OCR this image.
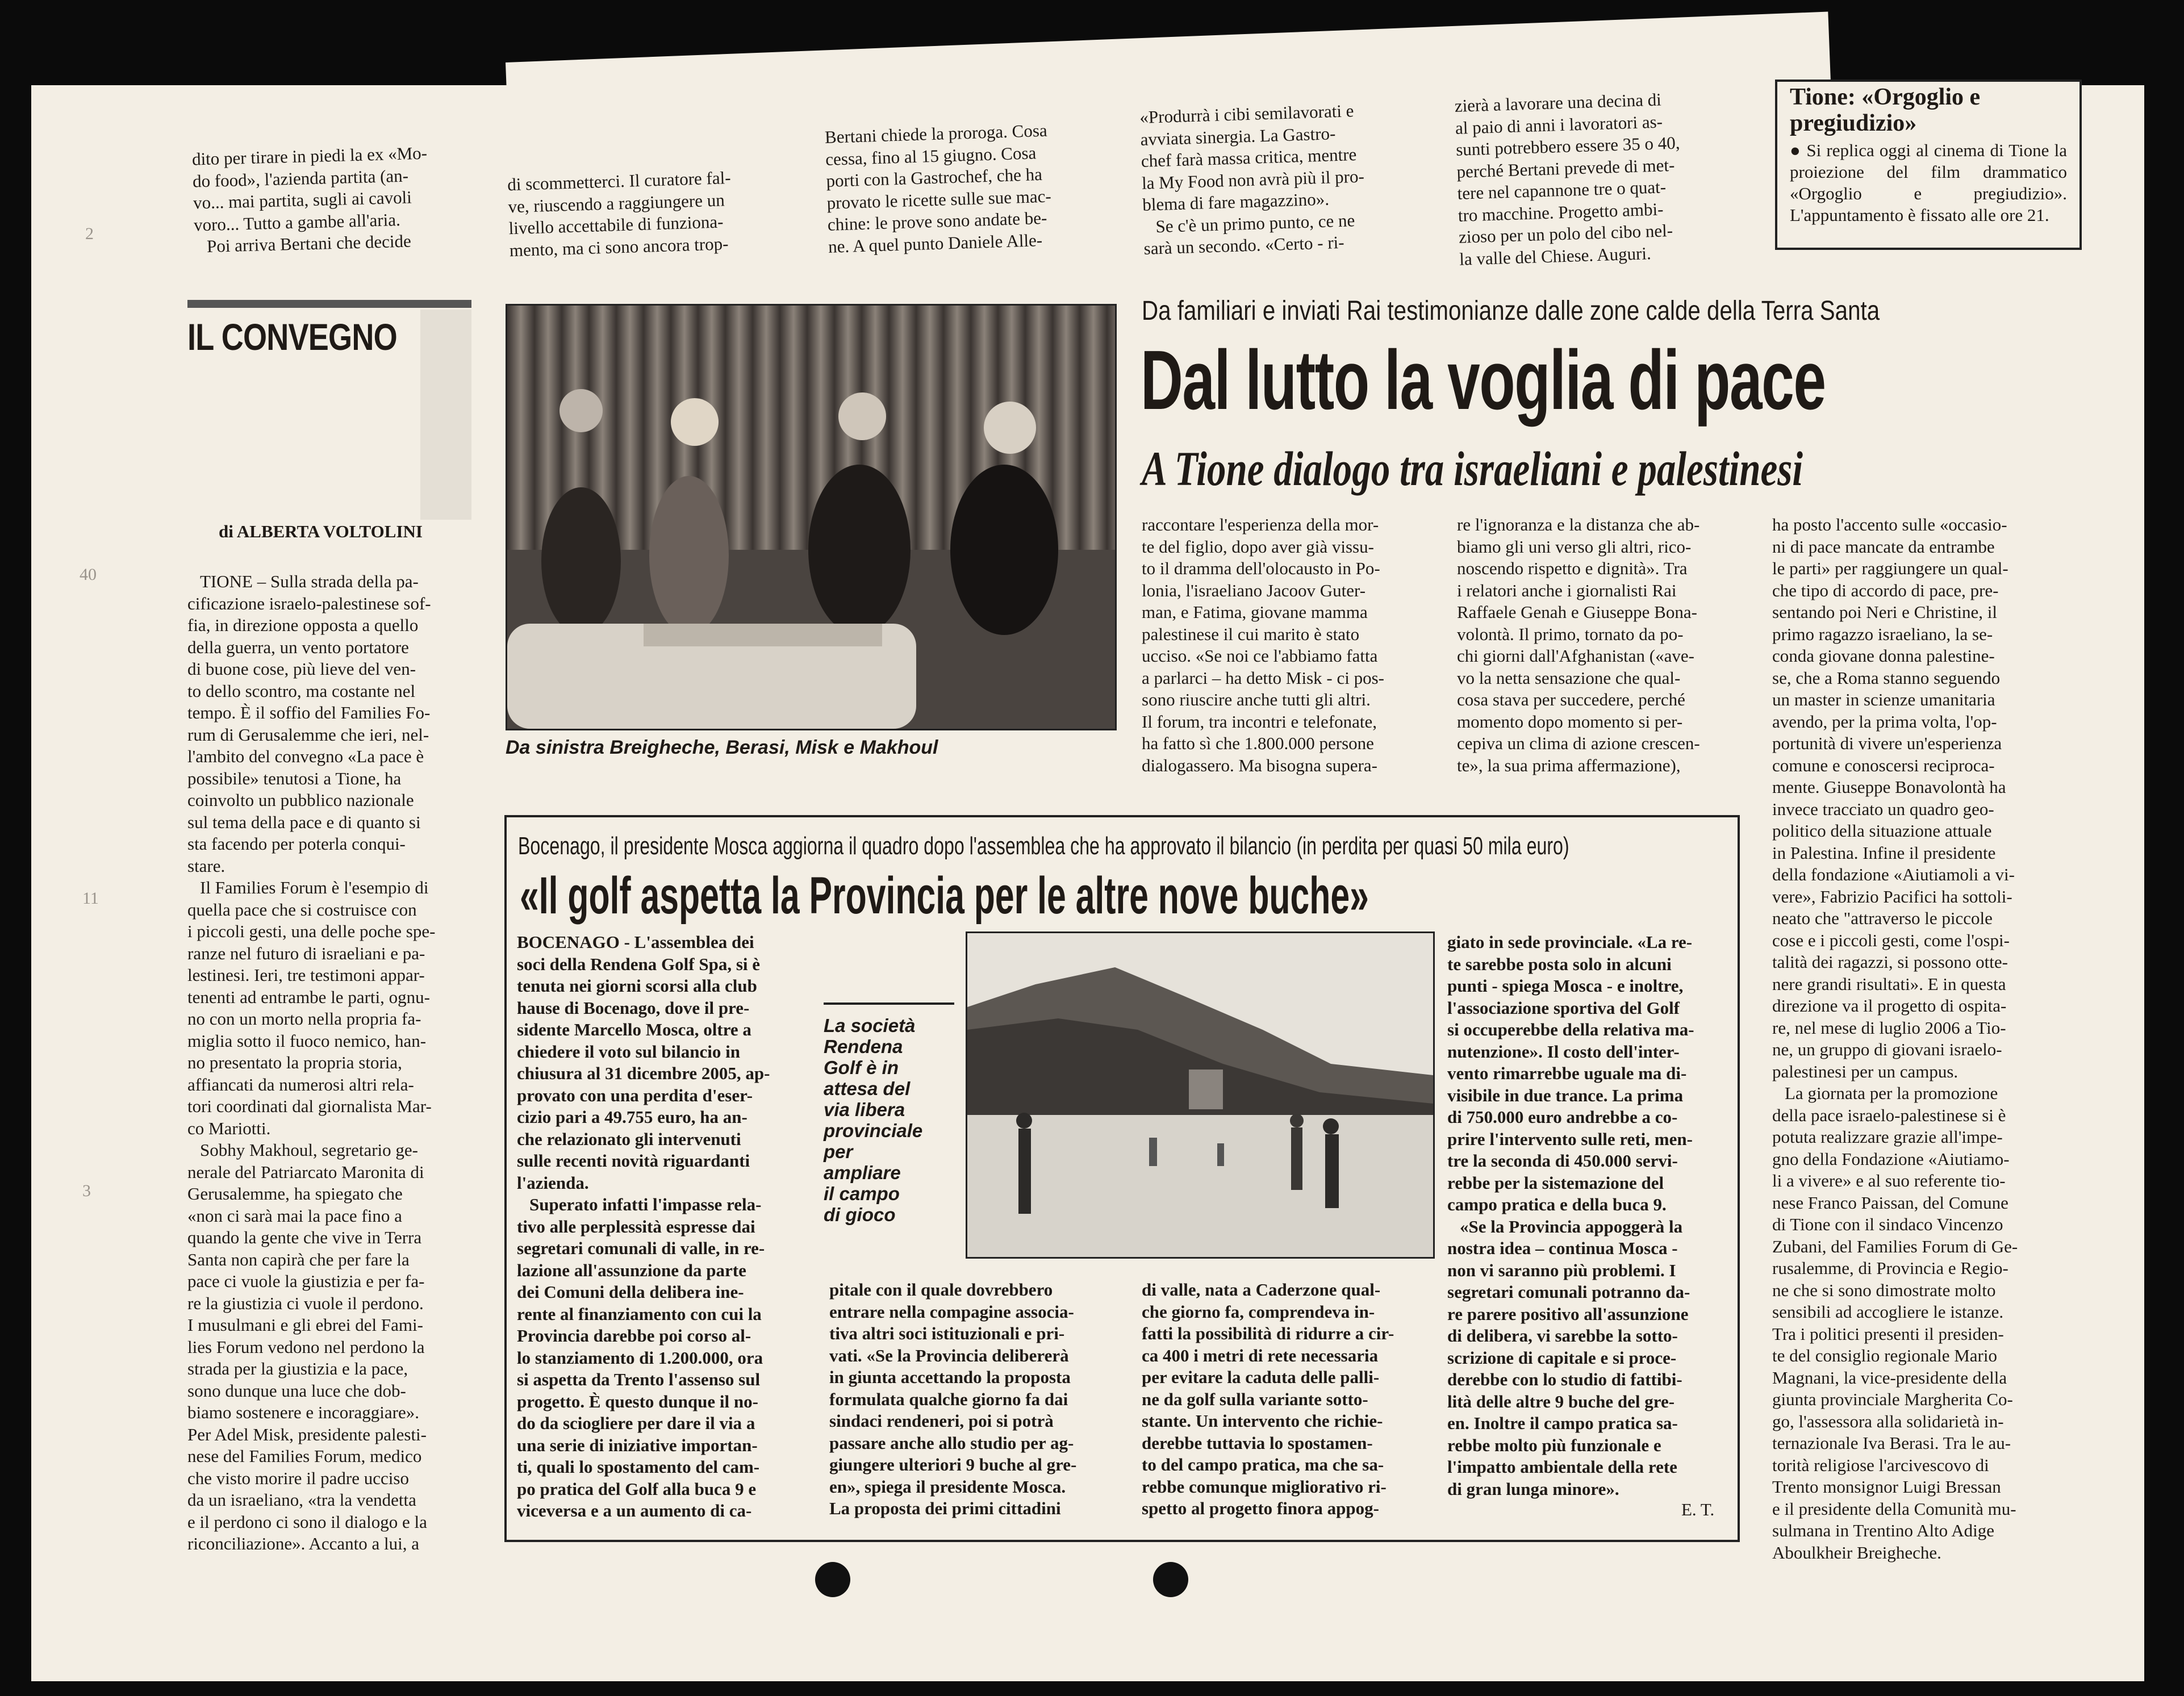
2
40
11
3
dito per tirare in piedi la ex «Mo-
do food», l'azienda partita (an-
vo... mai partita, sugli ai cavoli
voro... Tutto a gambe all'aria.
Poi arriva Bertani che decide
di scommetterci. Il curatore fal-
ve, riuscendo a raggiungere un
livello accettabile di funziona-
mento, ma ci sono ancora trop-
Bertani chiede la proroga. Cosa
cessa, fino al 15 giugno. Cosa
porti con la Gastrochef, che ha
provato le ricette sulle sue mac-
chine: le prove sono andate be-
ne. A quel punto Daniele Alle-
«Produrrà i cibi semilavorati e
avviata sinergia. La Gastro-
chef farà massa critica, mentre
la My Food non avrà più il pro-
blema di fare magazzino».
Se c'è un primo punto, ce ne
sarà un secondo. «Certo - ri-
zierà a lavorare una decina di
al paio di anni i lavoratori as-
sunti potrebbero essere 35 o 40,
perché Bertani prevede di met-
tere nel capannone tre o quat-
tro macchine. Progetto ambi-
zioso per un polo del cibo nel-
la valle del Chiese. Auguri.
Tione: «Orgoglio e pregiudizio»
● Si replica oggi al cinema di Tione la proiezione del film drammatico «Orgoglio e pregiudizio». L'appuntamento è fissato alle ore 21.
IL CONVEGNO
Da sinistra Breigheche, Berasi, Misk e Makhoul
Da familiari e inviati Rai testimonianze dalle zone calde della Terra Santa
Dal lutto la voglia di pace
A Tione dialogo tra israeliani e palestinesi
di ALBERTA VOLTOLINI
TIONE – Sulla strada della pa-
cificazione israelo-palestinese sof-
fia, in direzione opposta a quello
della guerra, un vento portatore
di buone cose, più lieve del ven-
to dello scontro, ma costante nel
tempo. È il soffio del Families Fo-
rum di Gerusalemme che ieri, nel-
l'ambito del convegno «La pace è
possibile» tenutosi a Tione, ha
coinvolto un pubblico nazionale
sul tema della pace e di quanto si
sta facendo per poterla conqui-
stare.
Il Families Forum è l'esempio di
quella pace che si costruisce con
i piccoli gesti, una delle poche spe-
ranze nel futuro di israeliani e pa-
lestinesi. Ieri, tre testimoni appar-
tenenti ad entrambe le parti, ognu-
no con un morto nella propria fa-
miglia sotto il fuoco nemico, han-
no presentato la propria storia,
affiancati da numerosi altri rela-
tori coordinati dal giornalista Mar-
co Mariotti.
Sobhy Makhoul, segretario ge-
nerale del Patriarcato Maronita di
Gerusalemme, ha spiegato che
«non ci sarà mai la pace fino a
quando la gente che vive in Terra
Santa non capirà che per fare la
pace ci vuole la giustizia e per fa-
re la giustizia ci vuole il perdono.
I musulmani e gli ebrei del Fami-
lies Forum vedono nel perdono la
strada per la giustizia e la pace,
sono dunque una luce che dob-
biamo sostenere e incoraggiare».
Per Adel Misk, presidente palesti-
nese del Families Forum, medico
che visto morire il padre ucciso
da un israeliano, «tra la vendetta
e il perdono ci sono il dialogo e la
riconciliazione». Accanto a lui, a
raccontare l'esperienza della mor-
te del figlio, dopo aver già vissu-
to il dramma dell'olocausto in Po-
lonia, l'israeliano Jacoov Guter-
man, e Fatima, giovane mamma
palestinese il cui marito è stato
ucciso. «Se noi ce l'abbiamo fatta
a parlarci – ha detto Misk - ci pos-
sono riuscire anche tutti gli altri.
Il forum, tra incontri e telefonate,
ha fatto sì che 1.800.000 persone
dialogassero. Ma bisogna supera-
re l'ignoranza e la distanza che ab-
biamo gli uni verso gli altri, rico-
noscendo rispetto e dignità». Tra
i relatori anche i giornalisti Rai
Raffaele Genah e Giuseppe Bona-
volontà. Il primo, tornato da po-
chi giorni dall'Afghanistan («ave-
vo la netta sensazione che qual-
cosa stava per succedere, perché
momento dopo momento si per-
cepiva un clima di azione crescen-
te», la sua prima affermazione),
ha posto l'accento sulle «occasio-
ni di pace mancate da entrambe
le parti» per raggiungere un qual-
che tipo di accordo di pace, pre-
sentando poi Neri e Christine, il
primo ragazzo israeliano, la se-
conda giovane donna palestine-
se, che a Roma stanno seguendo
un master in scienze umanitaria
avendo, per la prima volta, l'op-
portunità di vivere un'esperienza
comune e conoscersi reciproca-
mente. Giuseppe Bonavolontà ha
invece tracciato un quadro geo-
politico della situazione attuale
in Palestina. Infine il presidente
della fondazione «Aiutiamoli a vi-
vere», Fabrizio Pacifici ha sottoli-
neato che "attraverso le piccole
cose e i piccoli gesti, come l'ospi-
talità dei ragazzi, si possono otte-
nere grandi risultati». E in questa
direzione va il progetto di ospita-
re, nel mese di luglio 2006 a Tio-
ne, un gruppo di giovani israelo-
palestinesi per un campus.
La giornata per la promozione
della pace israelo-palestinese si è
potuta realizzare grazie all'impe-
gno della Fondazione «Aiutiamo-
li a vivere» e al suo referente tio-
nese Franco Paissan, del Comune
di Tione con il sindaco Vincenzo
Zubani, del Families Forum di Ge-
rusalemme, di Provincia e Regio-
ne che si sono dimostrate molto
sensibili ad accogliere le istanze.
Tra i politici presenti il presiden-
te del consiglio regionale Mario
Magnani, la vice-presidente della
giunta provinciale Margherita Co-
go, l'assessora alla solidarietà in-
ternazionale Iva Berasi. Tra le au-
torità religiose l'arcivescovo di
Trento monsignor Luigi Bressan
e il presidente della Comunità mu-
sulmana in Trentino Alto Adige
Aboulkheir Breigheche.
Bocenago, il presidente Mosca aggiorna il quadro dopo l'assemblea che ha approvato il bilancio (in perdita per quasi 50 mila euro)
«Il golf aspetta la Provincia per le altre nove buche»
BOCENAGO - L'assemblea dei
soci della Rendena Golf Spa, si è
tenuta nei giorni scorsi alla club
hause di Bocenago, dove il pre-
sidente Marcello Mosca, oltre a
chiedere il voto sul bilancio in
chiusura al 31 dicembre 2005, ap-
provato con una perdita d'eser-
cizio pari a 49.755 euro, ha an-
che relazionato gli intervenuti
sulle recenti novità riguardanti
l'azienda.
Superato infatti l'impasse rela-
tivo alle perplessità espresse dai
segretari comunali di valle, in re-
lazione all'assunzione da parte
dei Comuni della delibera ine-
rente al finanziamento con cui la
Provincia darebbe poi corso al-
lo stanziamento di 1.200.000, ora
si aspetta da Trento l'assenso sul
progetto. È questo dunque il no-
do da sciogliere per dare il via a
una serie di iniziative importan-
ti, quali lo spostamento del cam-
po pratica del Golf alla buca 9 e
viceversa e a un aumento di ca-
La società
Rendena
Golf è in
attesa del
via libera
provinciale
per
ampliare
il campo
di gioco
pitale con il quale dovrebbero
entrare nella compagine associa-
tiva altri soci istituzionali e pri-
vati. «Se la Provincia delibererà
in giunta accettando la proposta
formulata qualche giorno fa dai
sindaci rendeneri, poi si potrà
passare anche allo studio per ag-
giungere ulteriori 9 buche al gre-
en», spiega il presidente Mosca.
La proposta dei primi cittadini
di valle, nata a Caderzone qual-
che giorno fa, comprendeva in-
fatti la possibilità di ridurre a cir-
ca 400 i metri di rete necessaria
per evitare la caduta delle palli-
ne da golf sulla variante sotto-
stante. Un intervento che richie-
derebbe tuttavia lo spostamen-
to del campo pratica, ma che sa-
rebbe comunque migliorativo ri-
spetto al progetto finora appog-
giato in sede provinciale. «La re-
te sarebbe posta solo in alcuni
punti - spiega Mosca - e inoltre,
l'associazione sportiva del Golf
si occuperebbe della relativa ma-
nutenzione». Il costo dell'inter-
vento rimarrebbe uguale ma di-
visibile in due trance. La prima
di 750.000 euro andrebbe a co-
prire l'intervento sulle reti, men-
tre la seconda di 450.000 servi-
rebbe per la sistemazione del
campo pratica e della buca 9.
«Se la Provincia appoggerà la
nostra idea – continua Mosca -
non vi saranno più problemi. I
segretari comunali potranno da-
re parere positivo all'assunzione
di delibera, vi sarebbe la sotto-
scrizione di capitale e si proce-
derebbe con lo studio di fattibi-
lità delle altre 9 buche del gre-
en. Inoltre il campo pratica sa-
rebbe molto più funzionale e
l'impatto ambientale della rete
di gran lunga minore».
E. T.
